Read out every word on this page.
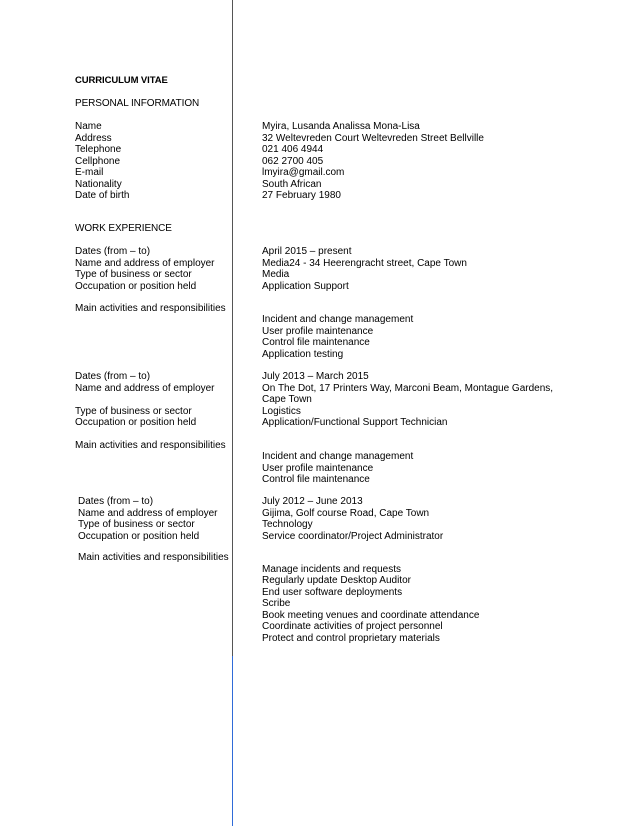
CURRICULUM VITAE
PERSONAL INFORMATION
Name	Myira, Lusanda Analissa Mona-Lisa
Address	32 Weltevreden Court Weltevreden Street Bellville
Telephone	021 406 4944
Cellphone	062 2700 405
E-mail	lmyira@gmail.com
Nationality	South African
Date of birth	27 February 1980
WORK EXPERIENCE
Dates (from – to)	April 2015 – present
Name and address of employer	Media24 - 34 Heerengracht street, Cape Town
Type of business or sector	Media
Occupation or position held	Application Support
Main activities and responsibilities
Incident and change management
User profile maintenance
Control file maintenance
Application testing
Dates (from – to)	July 2013 – March 2015
Name and address of employer	On The Dot, 17 Printers Way, Marconi Beam, Montague Gardens,
Cape Town
Type of business or sector	Logistics
Occupation or position held	Application/Functional Support Technician
Main activities and responsibilities
Incident and change management
User profile maintenance
Control file maintenance
Dates (from – to)	July 2012 – June 2013
Name and address of employer	Gijima, Golf course Road, Cape Town
Type of business or sector	Technology
Occupation or position held	Service coordinator/Project Administrator
Main activities and responsibilities
Manage incidents and requests
Regularly update Desktop Auditor
End user software deployments
Scribe
Book meeting venues and coordinate attendance
Coordinate activities of project personnel
Protect and control proprietary materials
